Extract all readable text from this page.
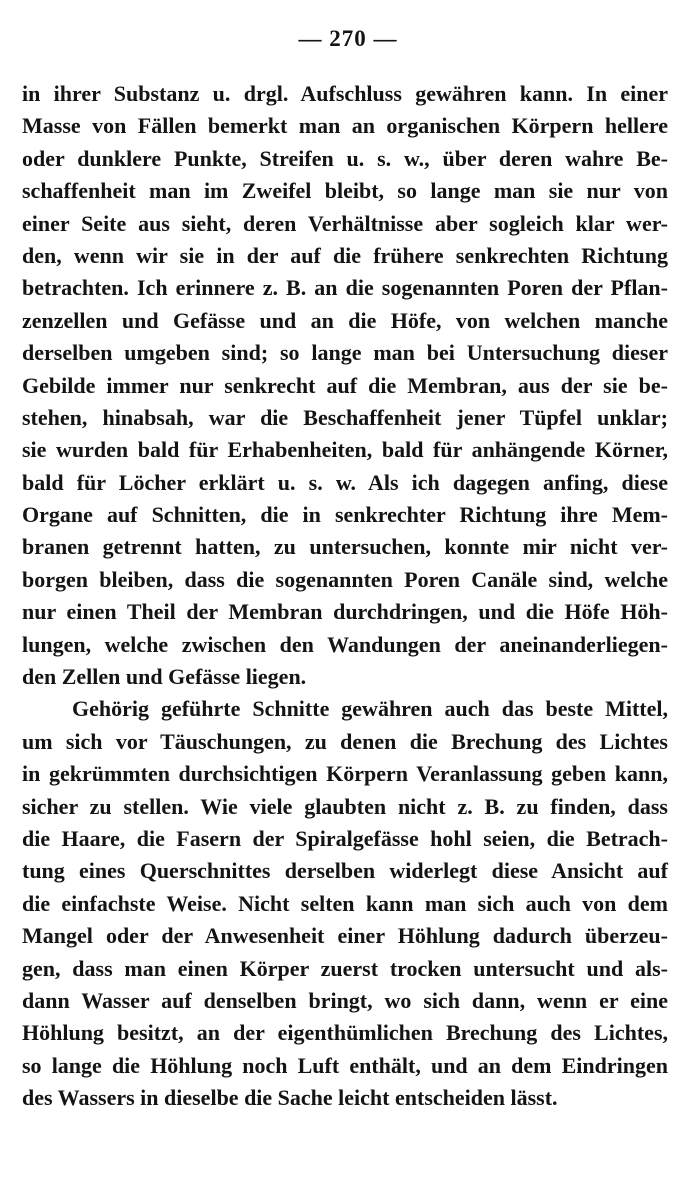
— 270 —
in ihrer Substanz u. drgl. Aufschluss gewähren kann. In einer
Masse von Fällen bemerkt man an organischen Körpern hellere
oder dunklere Punkte, Streifen u. s. w., über deren wahre Be-
schaffenheit man im Zweifel bleibt, so lange man sie nur von
einer Seite aus sieht, deren Verhältnisse aber sogleich klar wer-
den, wenn wir sie in der auf die frühere senkrechten Richtung
betrachten. Ich erinnere z. B. an die sogenannten Poren der Pflan-
zenzellen und Gefässe und an die Höfe, von welchen manche
derselben umgeben sind; so lange man bei Untersuchung dieser
Gebilde immer nur senkrecht auf die Membran, aus der sie be-
stehen, hinabsah, war die Beschaffenheit jener Tüpfel unklar;
sie wurden bald für Erhabenheiten, bald für anhängende Körner,
bald für Löcher erklärt u. s. w. Als ich dagegen anfing, diese
Organe auf Schnitten, die in senkrechter Richtung ihre Mem-
branen getrennt hatten, zu untersuchen, konnte mir nicht ver-
borgen bleiben, dass die sogenannten Poren Canäle sind, welche
nur einen Theil der Membran durchdringen, und die Höfe Höh-
lungen, welche zwischen den Wandungen der aneinanderliegen-
den Zellen und Gefässe liegen.
Gehörig geführte Schnitte gewähren auch das beste Mittel,
um sich vor Täuschungen, zu denen die Brechung des Lichtes
in gekrümmten durchsichtigen Körpern Veranlassung geben kann,
sicher zu stellen. Wie viele glaubten nicht z. B. zu finden, dass
die Haare, die Fasern der Spiralgefässe hohl seien, die Betrach-
tung eines Querschnittes derselben widerlegt diese Ansicht auf
die einfachste Weise. Nicht selten kann man sich auch von dem
Mangel oder der Anwesenheit einer Höhlung dadurch überzeu-
gen, dass man einen Körper zuerst trocken untersucht und als-
dann Wasser auf denselben bringt, wo sich dann, wenn er eine
Höhlung besitzt, an der eigenthümlichen Brechung des Lichtes,
so lange die Höhlung noch Luft enthält, und an dem Eindringen
des Wassers in dieselbe die Sache leicht entscheiden lässt.
